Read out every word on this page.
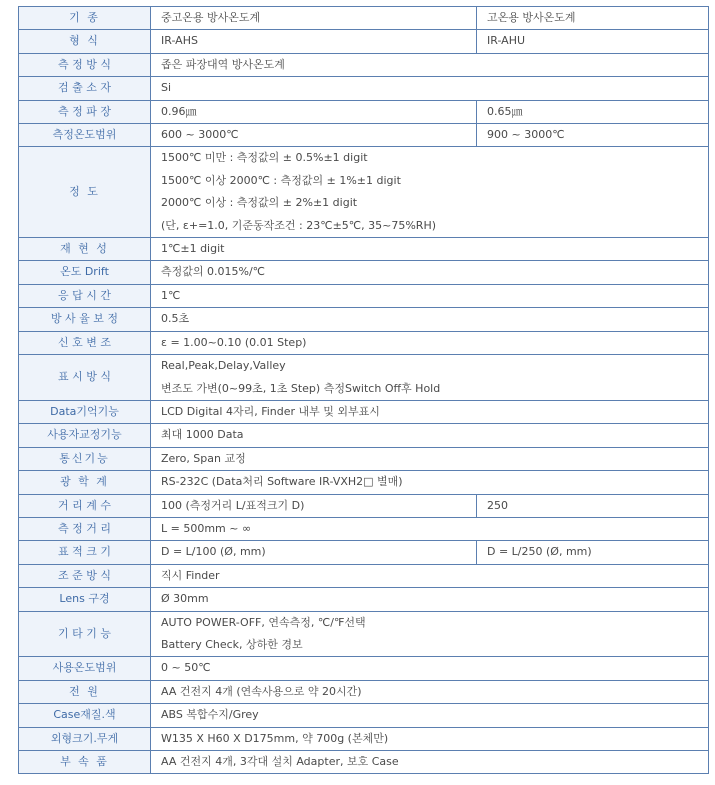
기 종	중고온용 방사온도계	고온용 방사온도계
형 식	IR-AHS	IR-AHU
측 정 방 식	좁은 파장대역 방사온도계	
검 출 소 자	Si	
측 정 파 장	0.96㎛	0.65㎛
측정온도범위	600 ~ 3000℃	900 ~ 3000℃
정 도	1500℃ 미만 : 측정값의 ± 0.5%±1 digit
1500℃ 이상 2000℃ : 측정값의 ± 1%±1 digit
2000℃ 이상 : 측정값의 ± 2%±1 digit
(단, ε+=1.0, 기준동작조건 : 23℃±5℃, 35~75%RH)	

재 현 성	1℃±1 digit	
온도 Drift	측정값의 0.015%/℃	
응 답 시 간	1℃	
방 사 율 보 정	0.5초	
신 호 변 조	ε = 1.00~0.10 (0.01 Step)	
표 시 방 식	Real,Peak,Delay,Valley
변조도 가변(0~99초, 1초 Step) 측정Switch Off후 Hold	

Data기억기능	LCD Digital 4자리, Finder 내부 및 외부표시	
사용자교정기능	최대 1000 Data	
통신기능	Zero, Span 교정	
광 학 계	RS-232C (Data처리 Software IR-VXH2□ 별매)	
거 리 계 수	100 (측정거리 L/표적크기 D)	250
측 정 거 리	L = 500mm ~ ∞	
표 적 크 기	D = L/100 (Ø, mm)	D = L/250 (Ø, mm)
조 준 방 식	직시 Finder	
Lens 구경	Ø 30mm	
기 타 기 능	AUTO POWER-OFF, 연속측정, ℃/℉선택
Battery Check, 상하한 경보	

사용온도범위	0 ~ 50℃	
전 원	AA 건전지 4개 (연속사용으로 약 20시간)	
Case재질.색	ABS 복합수지/Grey	
외형크기.무게	W135 X H60 X D175mm, 약 700g (본체만)	
부 속 품	AA 건전지 4개, 3각대 설치 Adapter, 보호 Case	
